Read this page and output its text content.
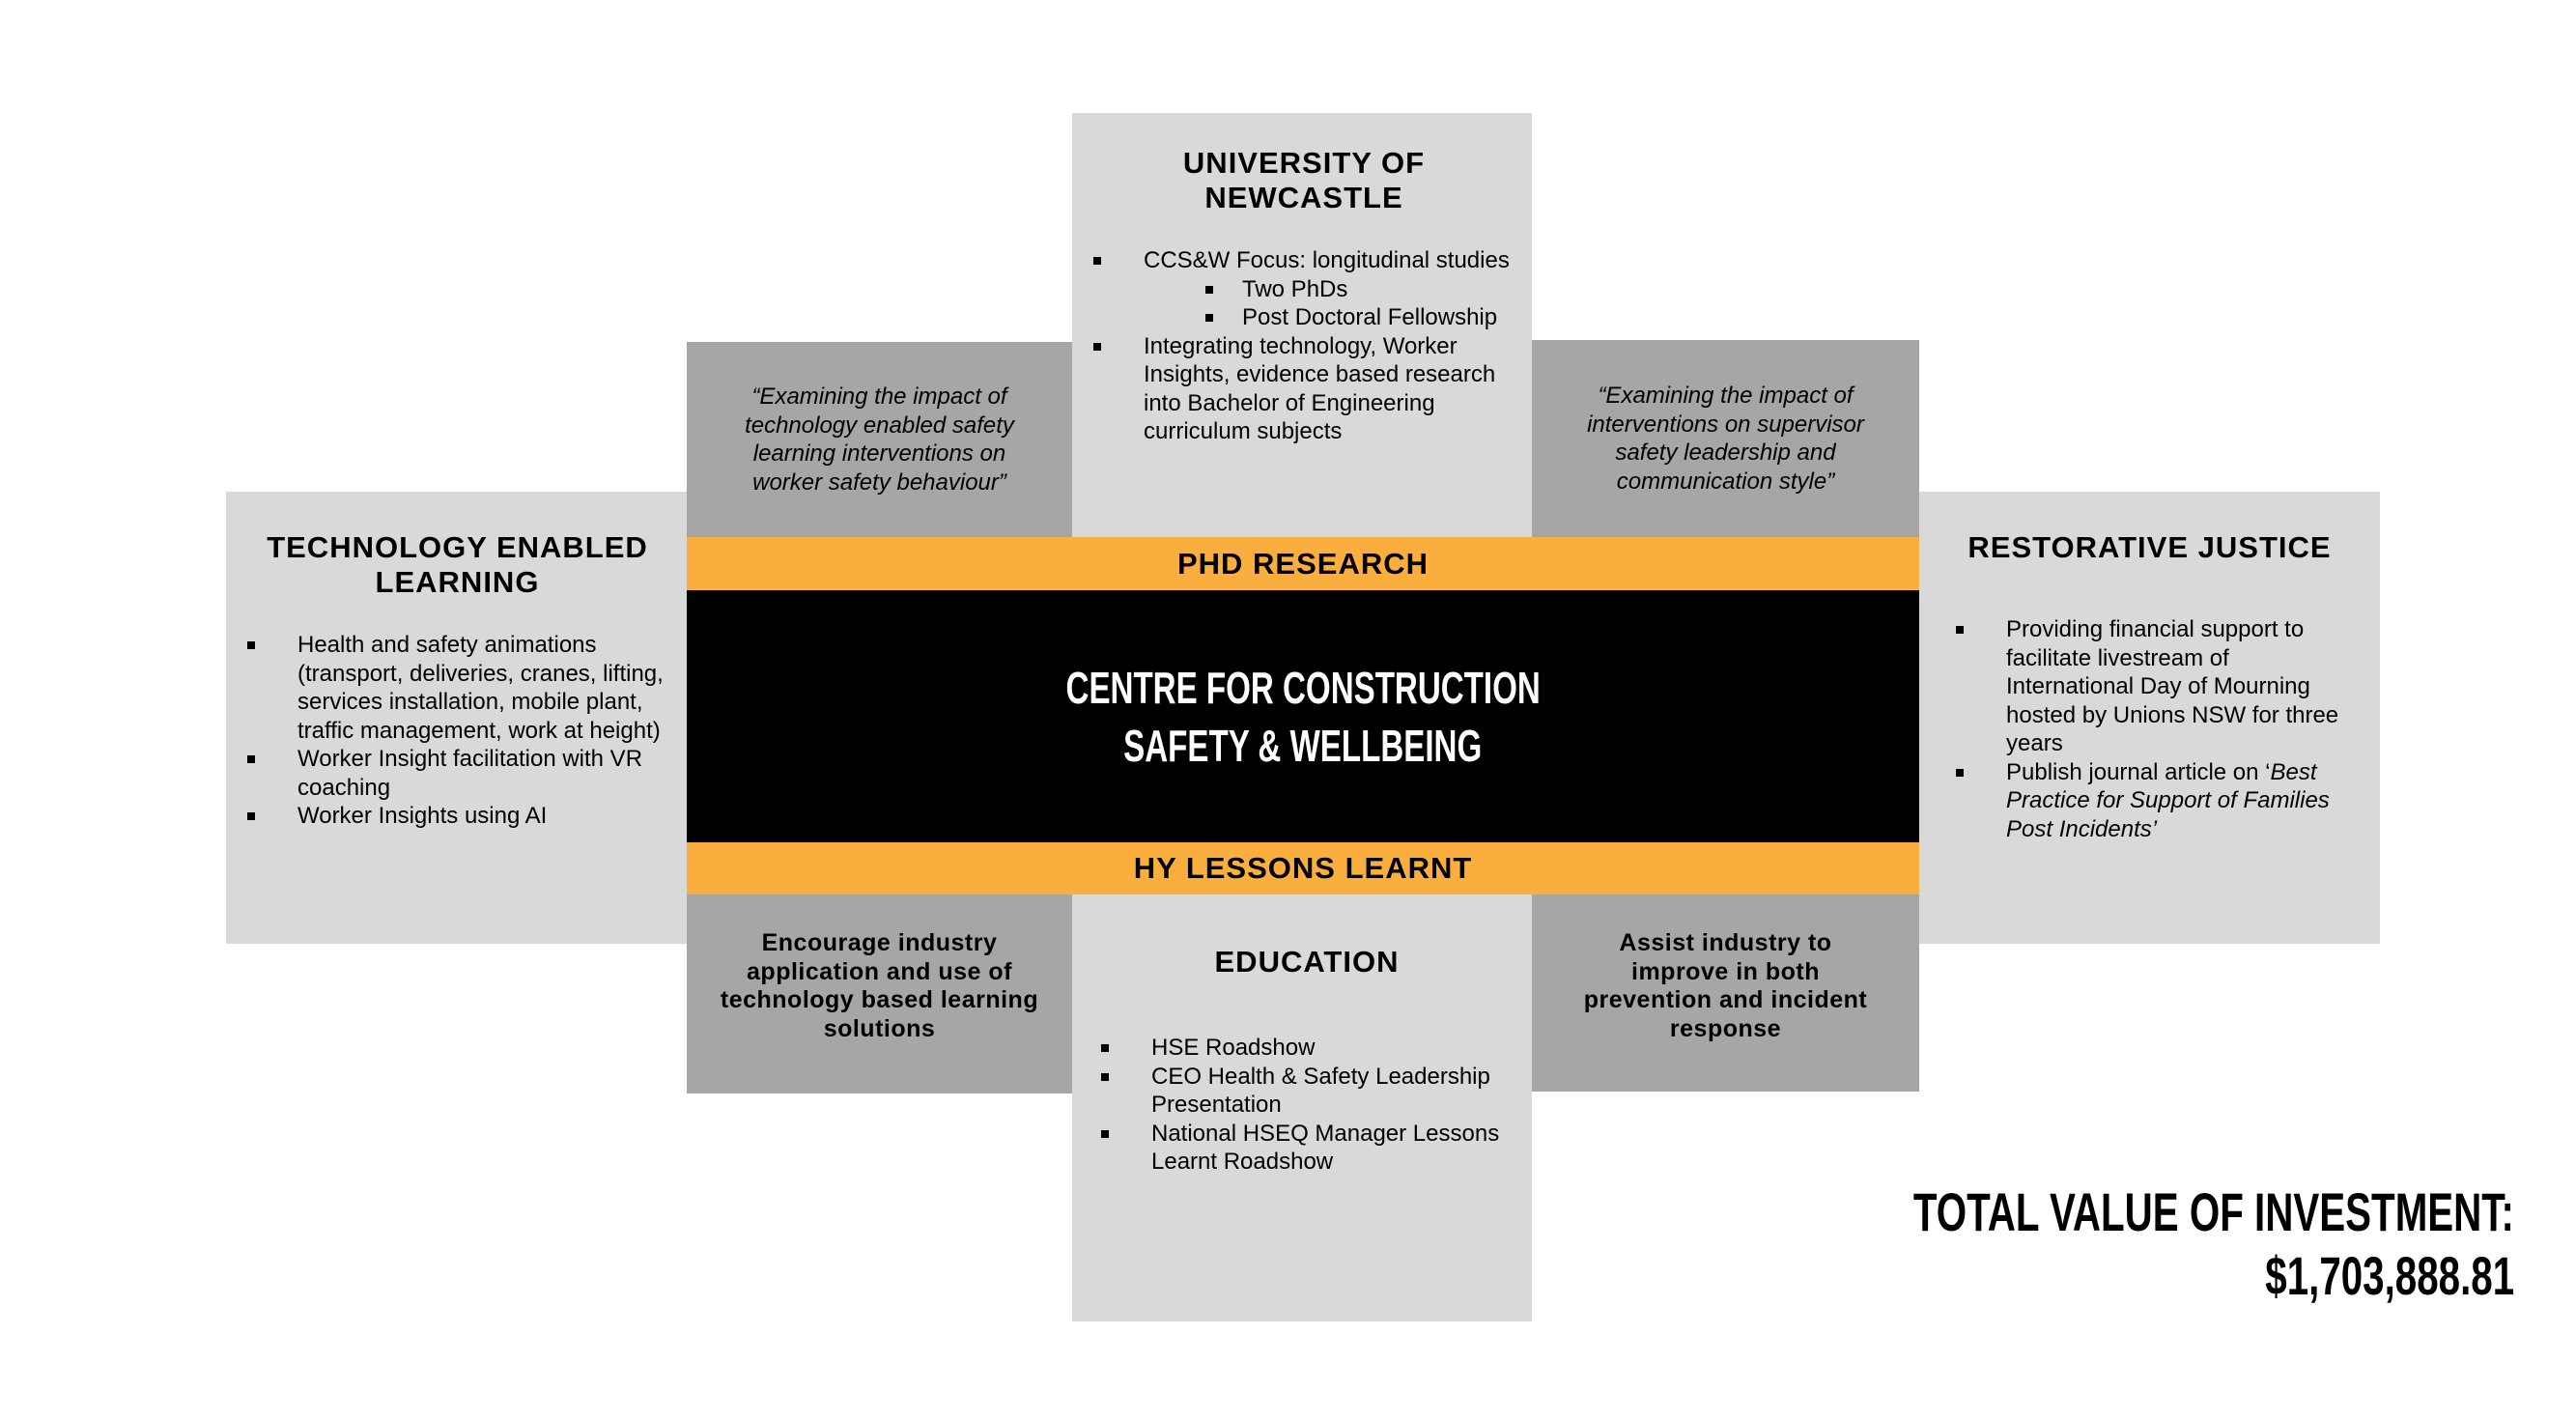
UNIVERSITY OF NEWCASTLE
CCS&W Focus: longitudinal studies
Two PhDs
Post Doctoral Fellowship
Integrating technology, Worker Insights, evidence based research into Bachelor of Engineering curriculum subjects
“Examining the impact of technology enabled safety learning interventions on worker safety behaviour”
“Examining the impact of interventions on supervisor safety leadership and communication style”
TECHNOLOGY ENABLED LEARNING
Health and safety animations (transport, deliveries, cranes, lifting, services installation, mobile plant, traffic management, work at height)
Worker Insight facilitation with VR coaching
Worker Insights using AI
RESTORATIVE JUSTICE
Providing financial support to facilitate livestream of International Day of Mourning hosted by Unions NSW for three years
Publish journal article on ‘Best Practice for Support of Families Post Incidents’
PHD RESEARCH
CENTRE FOR CONSTRUCTION
SAFETY & WELLBEING
HY LESSONS LEARNT
Encourage industry application and use of technology based learning solutions
EDUCATION
HSE Roadshow
CEO Health & Safety Leadership Presentation
National HSEQ Manager Lessons Learnt Roadshow
Assist industry to improve in both prevention and incident response
TOTAL VALUE OF INVESTMENT:
$1,703,888.81
